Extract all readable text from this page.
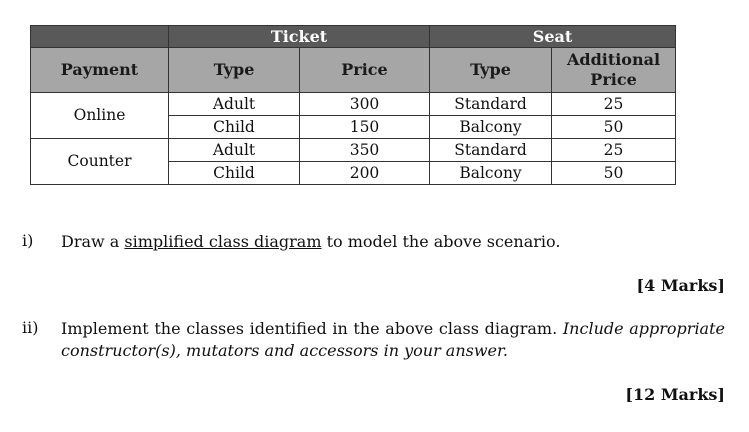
	Ticket		Seat	
Payment	Type	Price	Type	Additional
Price

Online	Adult	300	Standard	25
	Child	150	Balcony	50
Counter	Adult	350	Standard	25
	Child	200	Balcony	50
i) Draw a simplified class diagram to model the above scenario.
[4 Marks]
ii) Implement the classes identified in the above class diagram. Include appropriate constructor(s), mutators and accessors in your answer.
[12 Marks]
